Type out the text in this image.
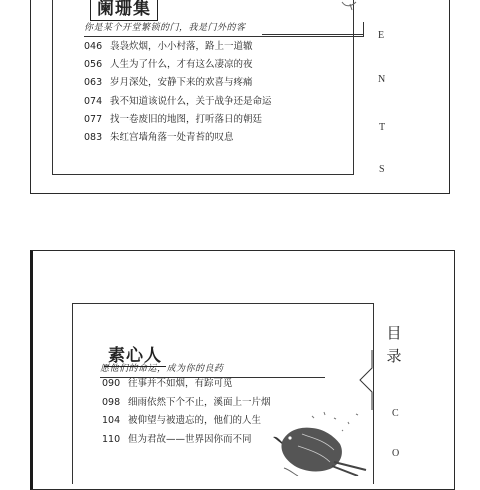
阑珊集
你是某个开堂繁锁的门，我是门外的客
046 袅袅炊烟，小小村落，路上一道辙
056 人生为了什么，才有这么凄凉的夜
063 岁月深处，安静下来的欢喜与疼痛
074 我不知道该说什么，关于战争还是命运
077 找一卷废旧的地图，打听落日的朝廷
083 朱红宫墙角落一处青苔的叹息
E
N
T
S
素心人
愿他们的命运，成为你的良药
090 往事并不如烟，有踪可觅
098 细雨依然下个不止，溪面上一片烟
104 被仰望与被遗忘的，他们的人生
110 但为君故——世界因你而不同
目
录
C
O
